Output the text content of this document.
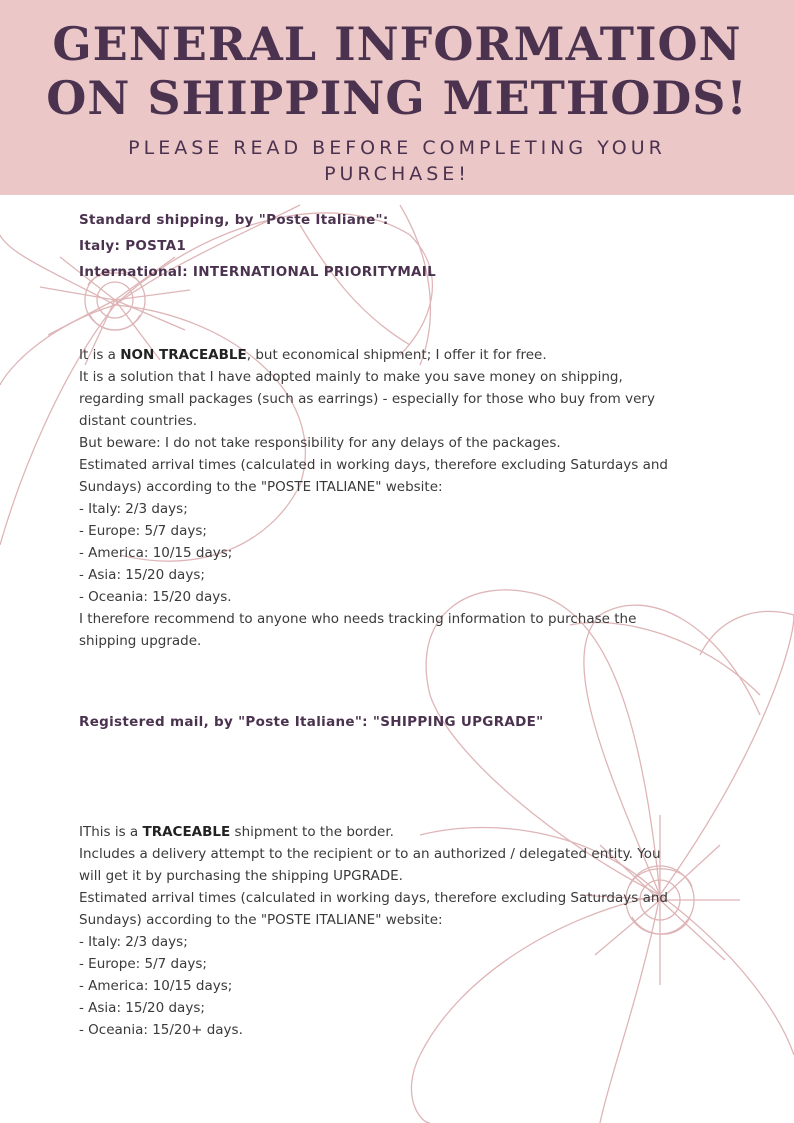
GENERAL INFORMATION
ON SHIPPING METHODS!

PLEASE READ BEFORE COMPLETING YOUR

PURCHASE!

Standard shipping, by "Poste Italiane":
Italy: POSTA1
International: INTERNATIONAL PRIORITYMAIL
It is a NON TRACEABLE, but economical shipment; I offer it for free.
It is a solution that I have adopted mainly to make you save money on shipping,
regarding small packages (such as earrings) - especially for those who buy from very
distant countries.
But beware: I do not take responsibility for any delays of the packages.
Estimated arrival times (calculated in working days, therefore excluding Saturdays and
Sundays) according to the "POSTE ITALIANE" website:
- Italy: 2/3 days;
- Europe: 5/7 days;
- America: 10/15 days;
- Asia: 15/20 days;
- Oceania: 15/20 days.
I therefore recommend to anyone who needs tracking information to purchase the
shipping upgrade.
Registered mail, by "Poste Italiane": "SHIPPING UPGRADE"
IThis is a TRACEABLE shipment to the border.
Includes a delivery attempt to the recipient or to an authorized / delegated entity. You
will get it by purchasing the shipping UPGRADE.
Estimated arrival times (calculated in working days, therefore excluding Saturdays and
Sundays) according to the "POSTE ITALIANE" website:
- Italy: 2/3 days;
- Europe: 5/7 days;
- America: 10/15 days;
- Asia: 15/20 days;
- Oceania: 15/20+ days.
